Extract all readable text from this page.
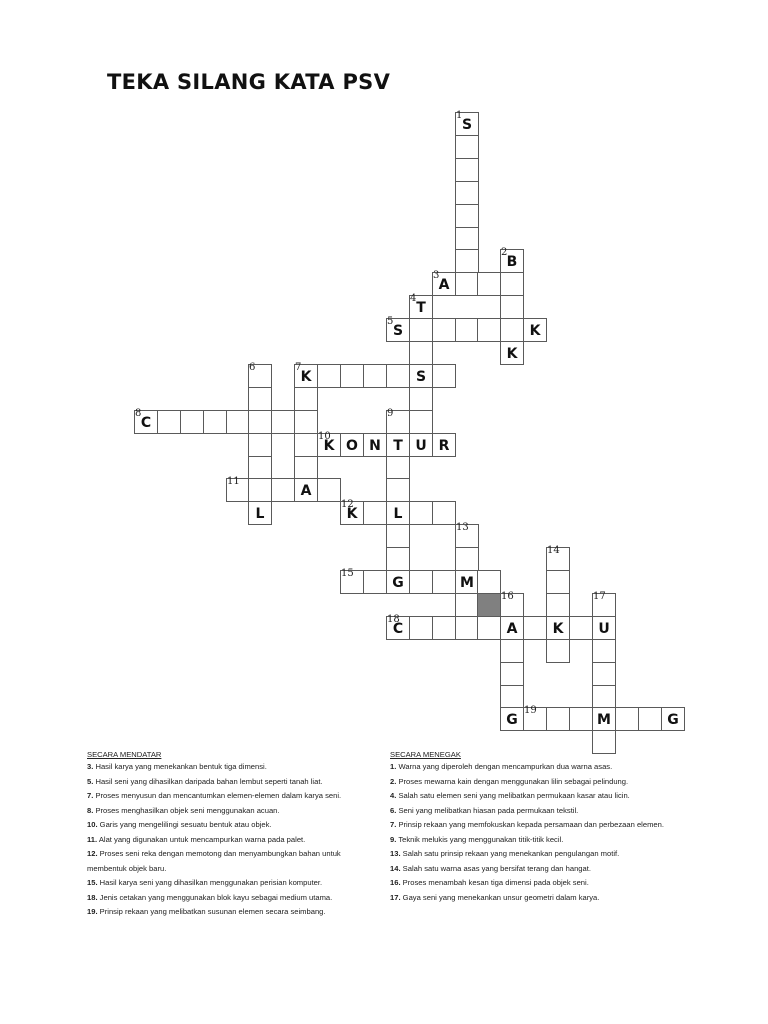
TEKA SILANG KATA PSV
1
S
2
B
3
A
4
T
5
S	K
K
6	7
K	S
8
C
9
10
K O N T U R
11
A
L
12
K	L
13
14
15
G	M
16	17
18
C	A	K	U
G
19
M	G
SECARA MENDATAR
3. Hasil karya yang menekankan bentuk tiga dimensi.
5. Hasil seni yang dihasilkan daripada bahan lembut seperti tanah liat.
7. Proses menyusun dan mencantumkan elemen-elemen dalam karya seni.
8. Proses menghasilkan objek seni menggunakan acuan.
10. Garis yang mengelilingi sesuatu bentuk atau objek.
11. Alat yang digunakan untuk mencampurkan warna pada palet.
12. Proses seni reka dengan memotong dan menyambungkan bahan untuk membentuk objek baru.
15. Hasil karya seni yang dihasilkan menggunakan perisian komputer.
18. Jenis cetakan yang menggunakan blok kayu sebagai medium utama.
19. Prinsip rekaan yang melibatkan susunan elemen secara seimbang.
SECARA MENEGAK
1. Warna yang diperoleh dengan mencampurkan dua warna asas.
2. Proses mewarna kain dengan menggunakan lilin sebagai pelindung.
4. Salah satu elemen seni yang melibatkan permukaan kasar atau licin.
6. Seni yang melibatkan hiasan pada permukaan tekstil.
7. Prinsip rekaan yang memfokuskan kepada persamaan dan perbezaan elemen.
9. Teknik melukis yang menggunakan titik-titik kecil.
13. Salah satu prinsip rekaan yang menekankan pengulangan motif.
14. Salah satu warna asas yang bersifat terang dan hangat.
16. Proses menambah kesan tiga dimensi pada objek seni.
17. Gaya seni yang menekankan unsur geometri dalam karya.
